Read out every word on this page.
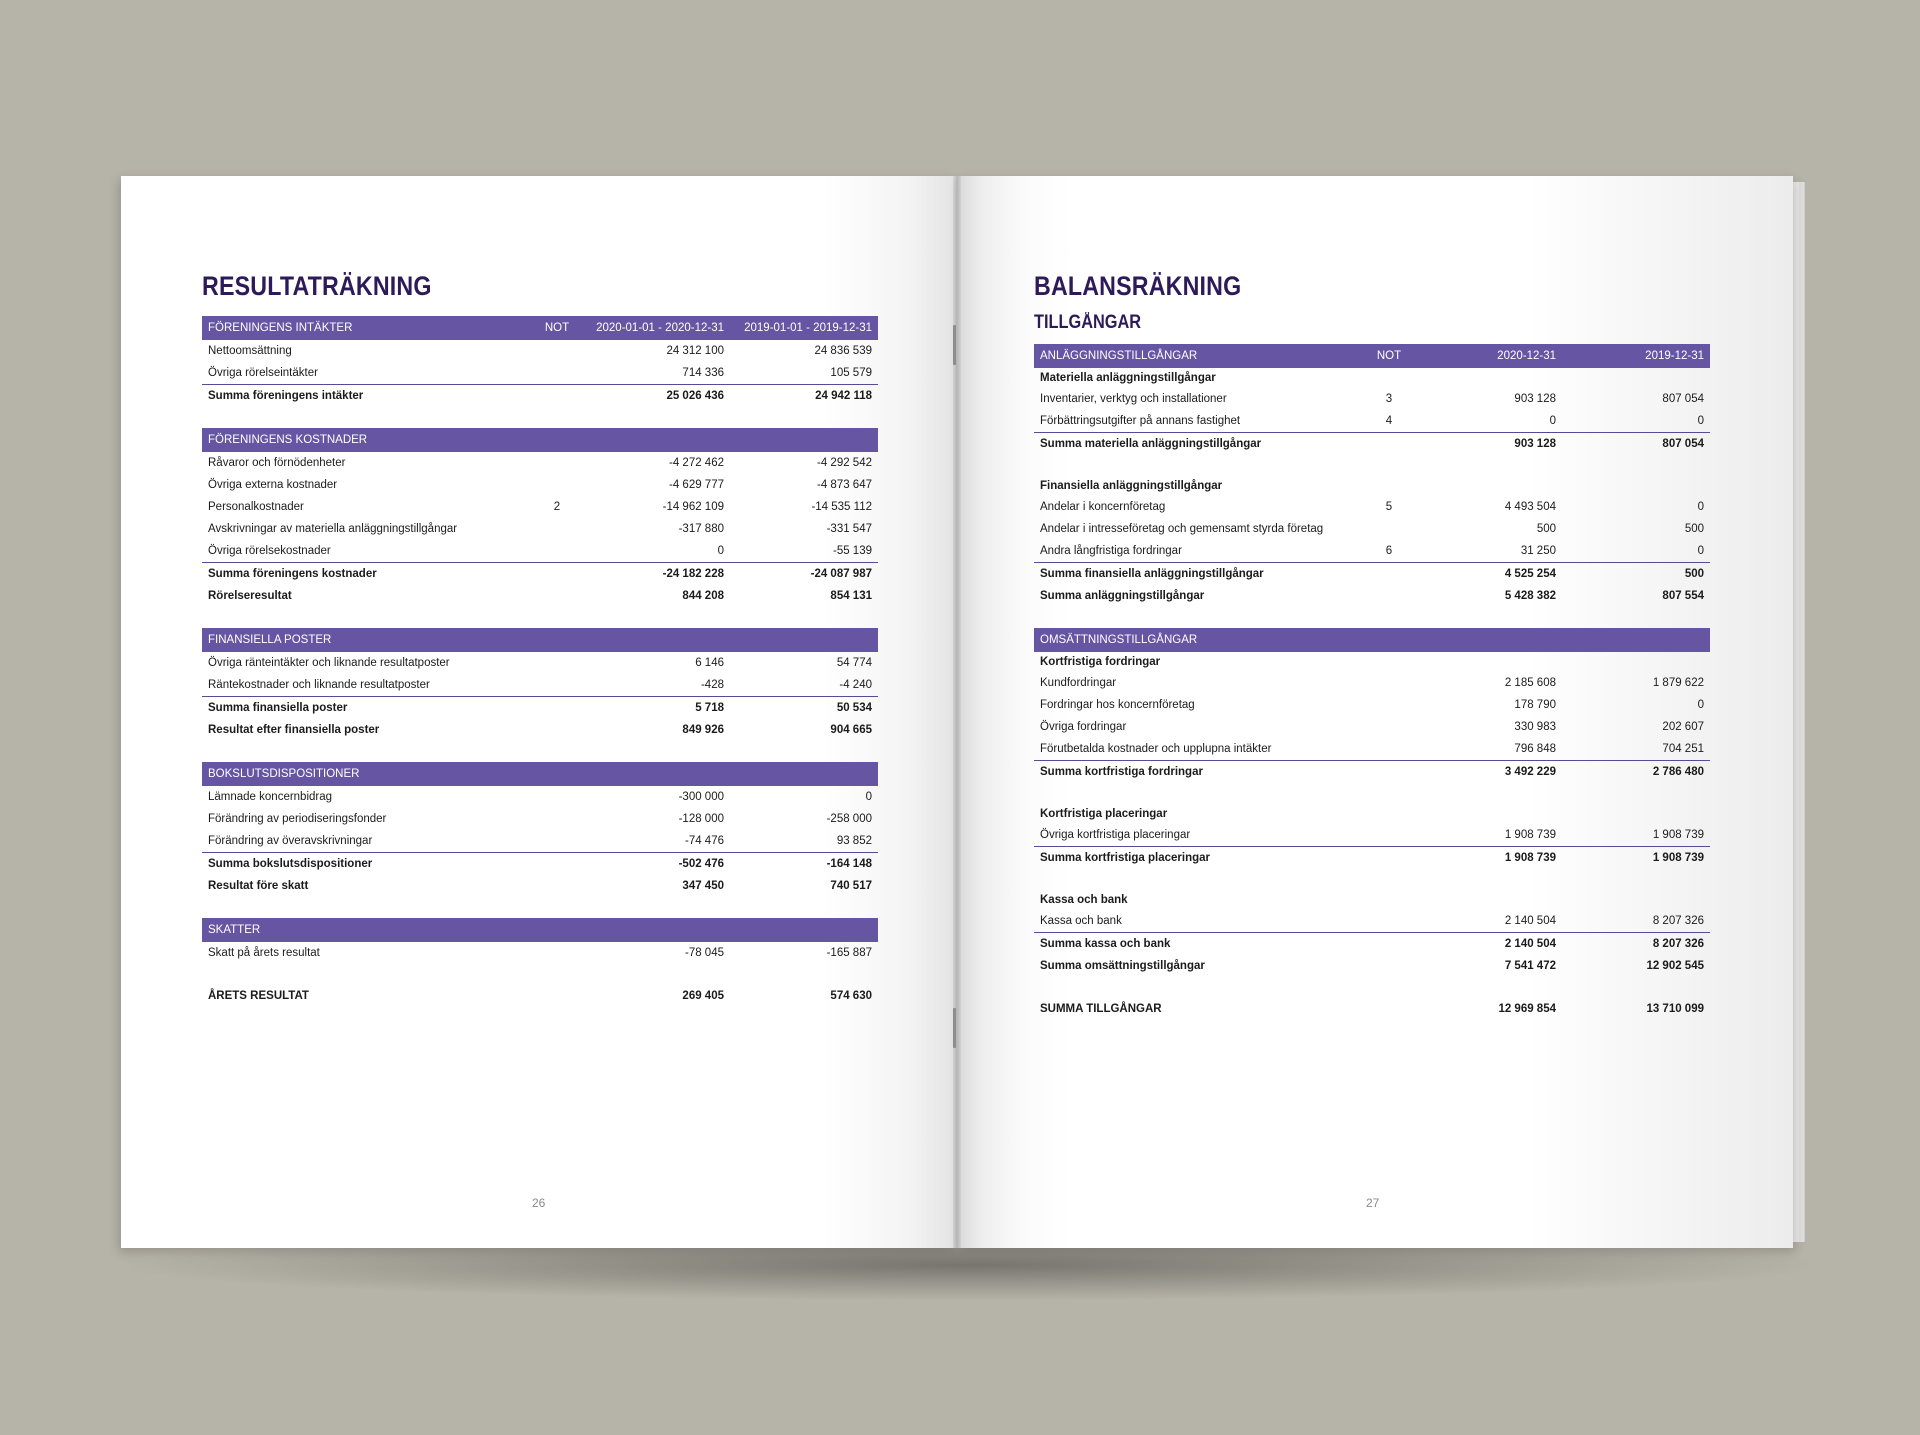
RESULTATRÄKNING
FÖRENINGENS INTÄKTER	NOT	2020-01-01 - 2020-12-31	2019-01-01 - 2019-12-31
Nettoomsättning		24 312 100	24 836 539
Övriga rörelseintäkter		714 336	105 579
Summa föreningens intäkter		25 026 436	24 942 118

FÖRENINGENS KOSTNADER			
Råvaror och förnödenheter		-4 272 462	-4 292 542
Övriga externa kostnader		-4 629 777	-4 873 647
Personalkostnader	2	-14 962 109	-14 535 112
Avskrivningar av materiella anläggningstillgångar		-317 880	-331 547
Övriga rörelsekostnader		0	-55 139
Summa föreningens kostnader		-24 182 228	-24 087 987
Rörelseresultat		844 208	854 131

FINANSIELLA POSTER			
Övriga ränteintäkter och liknande resultatposter		6 146	54 774
Räntekostnader och liknande resultatposter		-428	-4 240
Summa finansiella poster		5 718	50 534
Resultat efter finansiella poster		849 926	904 665

BOKSLUTSDISPOSITIONER			
Lämnade koncernbidrag		-300 000	0
Förändring av periodiseringsfonder		-128 000	-258 000
Förändring av överavskrivningar		-74 476	93 852
Summa bokslutsdispositioner		-502 476	-164 148
Resultat före skatt		347 450	740 517

SKATTER			
Skatt på årets resultat		-78 045	-165 887

ÅRETS RESULTAT		269 405	574 630
26
BALANSRÄKNING
TILLGÅNGAR
ANLÄGGNINGSTILLGÅNGAR	NOT	2020-12-31	2019-12-31
Materiella anläggningstillgångar			
Inventarier, verktyg och installationer	3	903 128	807 054
Förbättringsutgifter på annans fastighet	4	0	0
Summa materiella anläggningstillgångar		903 128	807 054

Finansiella anläggningstillgångar			
Andelar i koncernföretag	5	4 493 504	0
Andelar i intresseföretag och gemensamt styrda företag		500	500
Andra långfristiga fordringar	6	31 250	0
Summa finansiella anläggningstillgångar		4 525 254	500
Summa anläggningstillgångar		5 428 382	807 554

OMSÄTTNINGSTILLGÅNGAR			
Kortfristiga fordringar			
Kundfordringar		2 185 608	1 879 622
Fordringar hos koncernföretag		178 790	0
Övriga fordringar		330 983	202 607
Förutbetalda kostnader och upplupna intäkter		796 848	704 251
Summa kortfristiga fordringar		3 492 229	2 786 480

Kortfristiga placeringar			
Övriga kortfristiga placeringar		1 908 739	1 908 739
Summa kortfristiga placeringar		1 908 739	1 908 739

Kassa och bank			
Kassa och bank		2 140 504	8 207 326
Summa kassa och bank		2 140 504	8 207 326
Summa omsättningstillgångar		7 541 472	12 902 545

SUMMA TILLGÅNGAR		12 969 854	13 710 099
27
